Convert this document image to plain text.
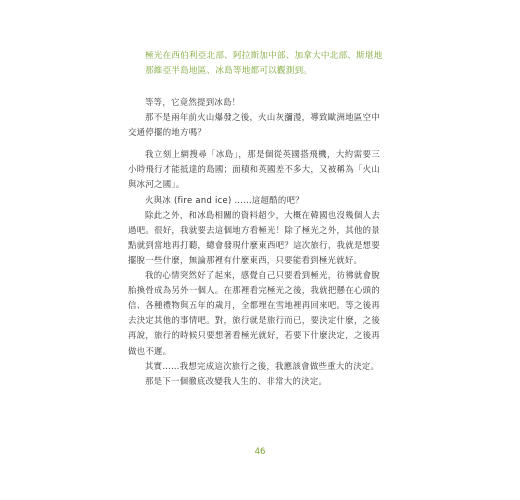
極光在西伯利亞北部、阿拉斯加中部、加拿大中北部、斯堪地

那維亞半島地區、冰島等地都可以觀測到。

等等，它竟然提到冰島！

那不是兩年前火山爆發之後，火山灰瀰漫，導致歐洲地區空中交通停擺的地方嗎？

我立刻上網搜尋「冰島」，那是個從英國搭飛機，大約需要三小時飛行才能抵達的島國；面積和英國差不多大，又被稱為「火山與冰河之國」。

火與冰 (fire and ice) ……這超酷的吧？

除此之外，和冰島相關的資料超少，大概在韓國也沒幾個人去過吧。很好，我就要去這個地方看極光！除了極光之外，其他的景點就到當地再打聽，總會發現什麼東西吧？這次旅行，我就是想要擺脫一些什麼，無論那裡有什麼東西，只要能看到極光就好。

我的心情突然好了起來，感覺自己只要看到極光，彷彿就會脫胎換骨成為另外一個人。在那裡看完極光之後，我就把懸在心頭的信、各種禮物與五年的歲月，全都埋在雪地裡再回來吧。等之後再去決定其他的事情吧。對，旅行就是旅行而已，要決定什麼，之後再說，旅行的時候只要想著看極光就好，若要下什麼決定，之後再做也不遲。

其實……我想完成這次旅行之後，我應該會做些重大的決定。

那是下一個徹底改變我人生的、非常大的決定。

46
